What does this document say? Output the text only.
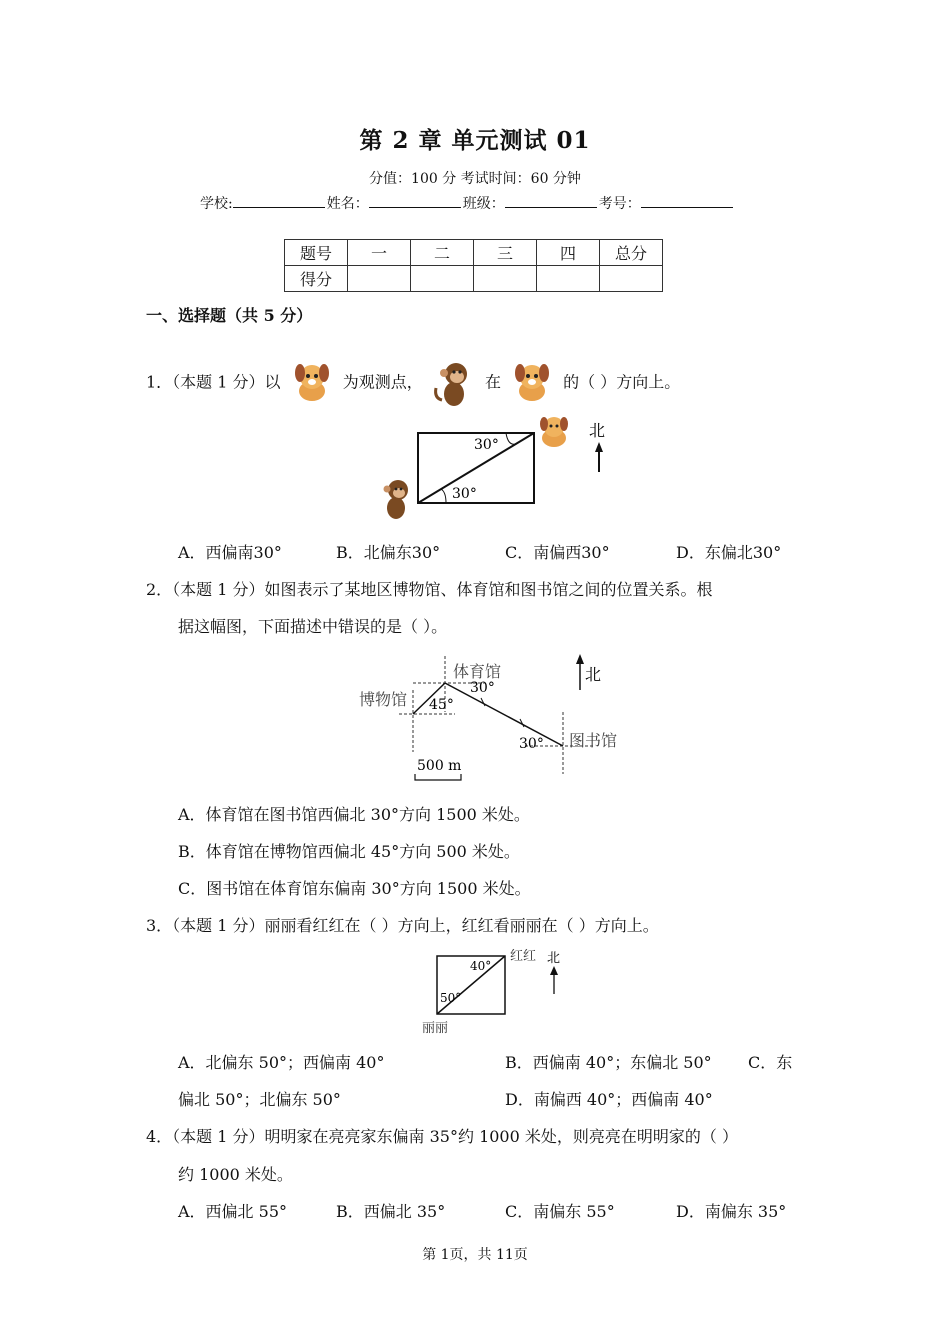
第 2 章 单元测试 01
分值：100 分 考试时间：60 分钟
学校:	姓名：	班级：	考号：
题号	一	二	三	四	总分
得分					
一、选择题（共 5 分）
1．（本题 1 分）以	为观测点，	在	的（ ）方向上。
30°
30°
北
A．西偏南30°	B．北偏东30°	C．南偏西30°	D．东偏北30°
2．（本题 1 分）如图表示了某地区博物馆、体育馆和图书馆之间的位置关系。根
据这幅图，下面描述中错误的是（ ）。
体育馆
博物馆
图书馆
30°
45°
30°
北
500 m
A．体育馆在图书馆西偏北 30°方向 1500 米处。
B．体育馆在博物馆西偏北 45°方向 500 米处。
C．图书馆在体育馆东偏南 30°方向 1500 米处。
3．（本题 1 分）丽丽看红红在（ ）方向上，红红看丽丽在（ ）方向上。
40°
50°
红红
丽丽
北
A．北偏东 50°；西偏南 40°	B．西偏南 40°；东偏北 50° C．东
偏北 50°；北偏东 50°	D．南偏西 40°；西偏南 40°
4．（本题 1 分）明明家在亮亮家东偏南 35°约 1000 米处，则亮亮在明明家的（ ）
约 1000 米处。
A．西偏北 55°	B．西偏北 35°	C．南偏东 55°	D．南偏东 35°
第 1页，共 11页
